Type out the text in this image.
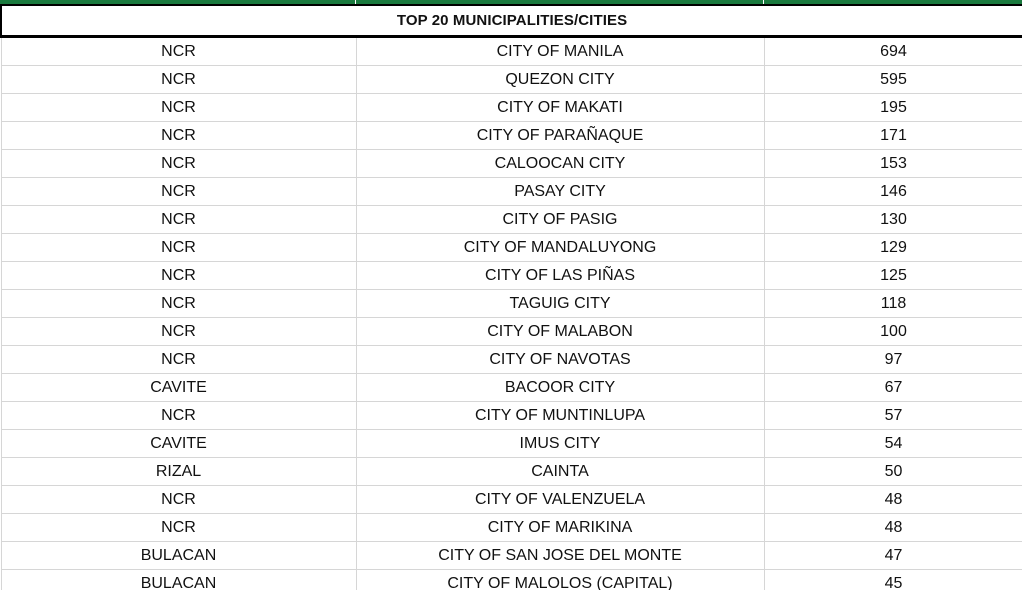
TOP 20 MUNICIPALITIES/CITIES		
NCR	CITY OF MANILA	694
NCR	QUEZON CITY	595
NCR	CITY OF MAKATI	195
NCR	CITY OF PARAÑAQUE	171
NCR	CALOOCAN CITY	153
NCR	PASAY CITY	146
NCR	CITY OF PASIG	130
NCR	CITY OF MANDALUYONG	129
NCR	CITY OF LAS PIÑAS	125
NCR	TAGUIG CITY	118
NCR	CITY OF MALABON	100
NCR	CITY OF NAVOTAS	97
CAVITE	BACOOR CITY	67
NCR	CITY OF MUNTINLUPA	57
CAVITE	IMUS CITY	54
RIZAL	CAINTA	50
NCR	CITY OF VALENZUELA	48
NCR	CITY OF MARIKINA	48
BULACAN	CITY OF SAN JOSE DEL MONTE	47
BULACAN	CITY OF MALOLOS (CAPITAL)	45
